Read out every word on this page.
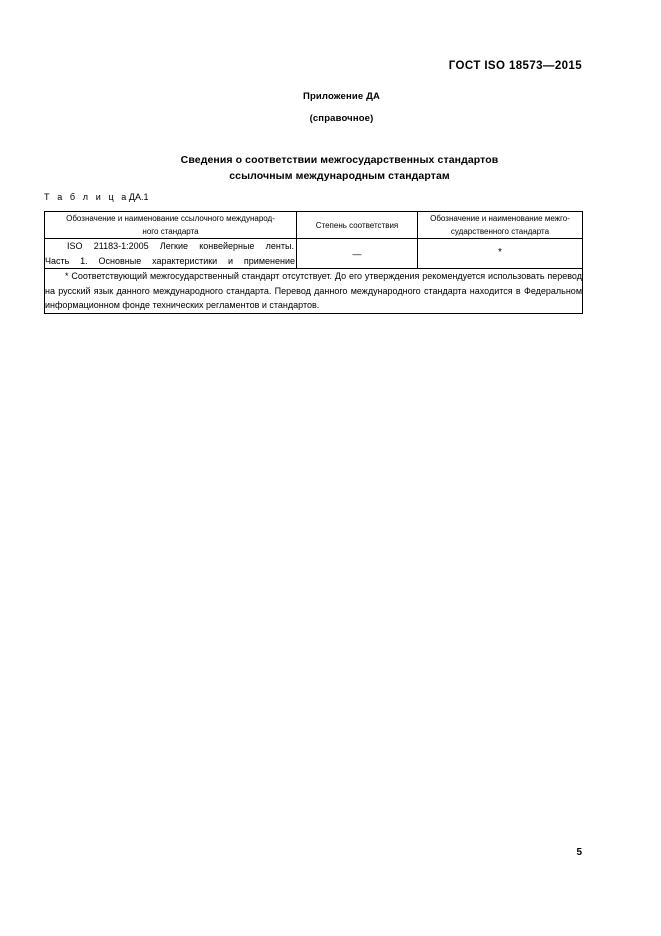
ГОСТ ISO 18573—2015
Приложение ДА
(справочное)
Сведения о соответствии межгосударственных стандартов
ссылочным международным стандартам
Т а б л и ц аДА.1
Обозначение и наименование ссылочного международ-
ного стандарта	Степень соответствия	Обозначение и наименование межго-
сударственного стандарта

ISO 21183-1:2005 Легкие конвейерные ленты.
Часть 1. Основные характеристики и применение	—	*
* Соответствующий межгосударственный стандарт отсутствует. До его утверждения рекомендуется использовать перевод на русский язык данного международного стандарта. Перевод данного международного стандарта находится в Федеральном информационном фонде технических регламентов и стандартов.		
5
